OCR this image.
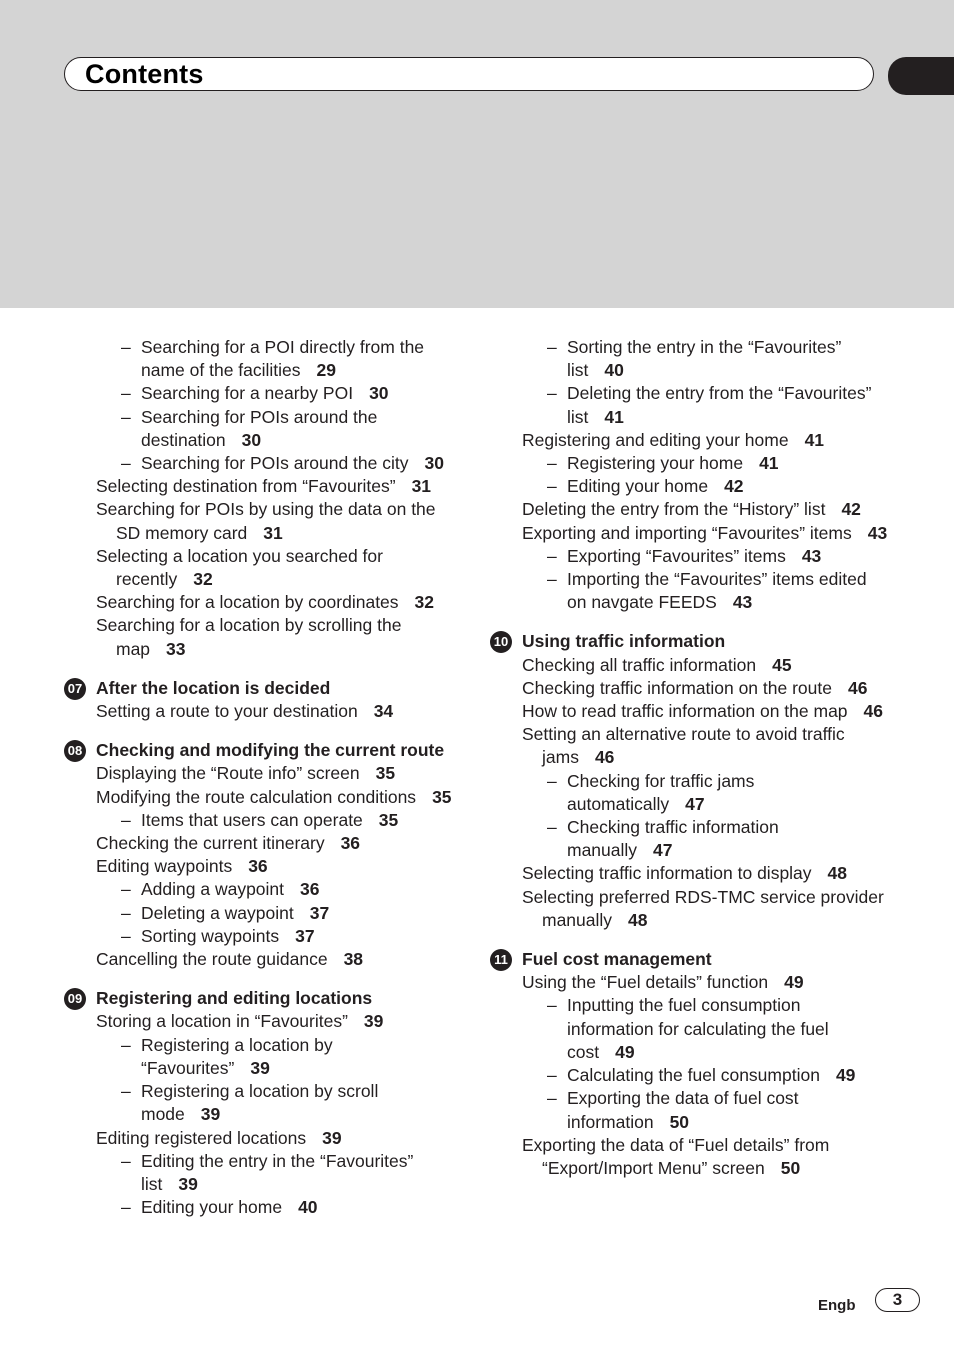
Contents
– Searching for a POI directly from the name of the facilities 29
– Searching for a nearby POI 30
– Searching for POIs around the destination 30
– Searching for POIs around the city 30
Selecting destination from “Favourites” 31
Searching for POIs by using the data on the SD memory card 31
Selecting a location you searched for recently 32
Searching for a location by coordinates 32
Searching for a location by scrolling the map 33
07 After the location is decided
Setting a route to your destination 34
08 Checking and modifying the current route
Displaying the “Route info” screen 35
Modifying the route calculation conditions 35
– Items that users can operate 35
Checking the current itinerary 36
Editing waypoints 36
– Adding a waypoint 36
– Deleting a waypoint 37
– Sorting waypoints 37
Cancelling the route guidance 38
09 Registering and editing locations
Storing a location in “Favourites” 39
– Registering a location by “Favourites” 39
– Registering a location by scroll mode 39
Editing registered locations 39
– Editing the entry in the “Favourites” list 39
– Editing your home 40
– Sorting the entry in the “Favourites” list 40
– Deleting the entry from the “Favourites” list 41
Registering and editing your home 41
– Registering your home 41
– Editing your home 42
Deleting the entry from the “History” list 42
Exporting and importing “Favourites” items 43
– Exporting “Favourites” items 43
– Importing the “Favourites” items edited on navgate FEEDS 43
10 Using traffic information
Checking all traffic information 45
Checking traffic information on the route 46
How to read traffic information on the map 46
Setting an alternative route to avoid traffic jams 46
– Checking for traffic jams automatically 47
– Checking traffic information manually 47
Selecting traffic information to display 48
Selecting preferred RDS-TMC service provider manually 48
11 Fuel cost management
Using the “Fuel details” function 49
– Inputting the fuel consumption information for calculating the fuel cost 49
– Calculating the fuel consumption 49
– Exporting the data of fuel cost information 50
Exporting the data of “Fuel details” from “Export/Import Menu” screen 50
Engb	3
